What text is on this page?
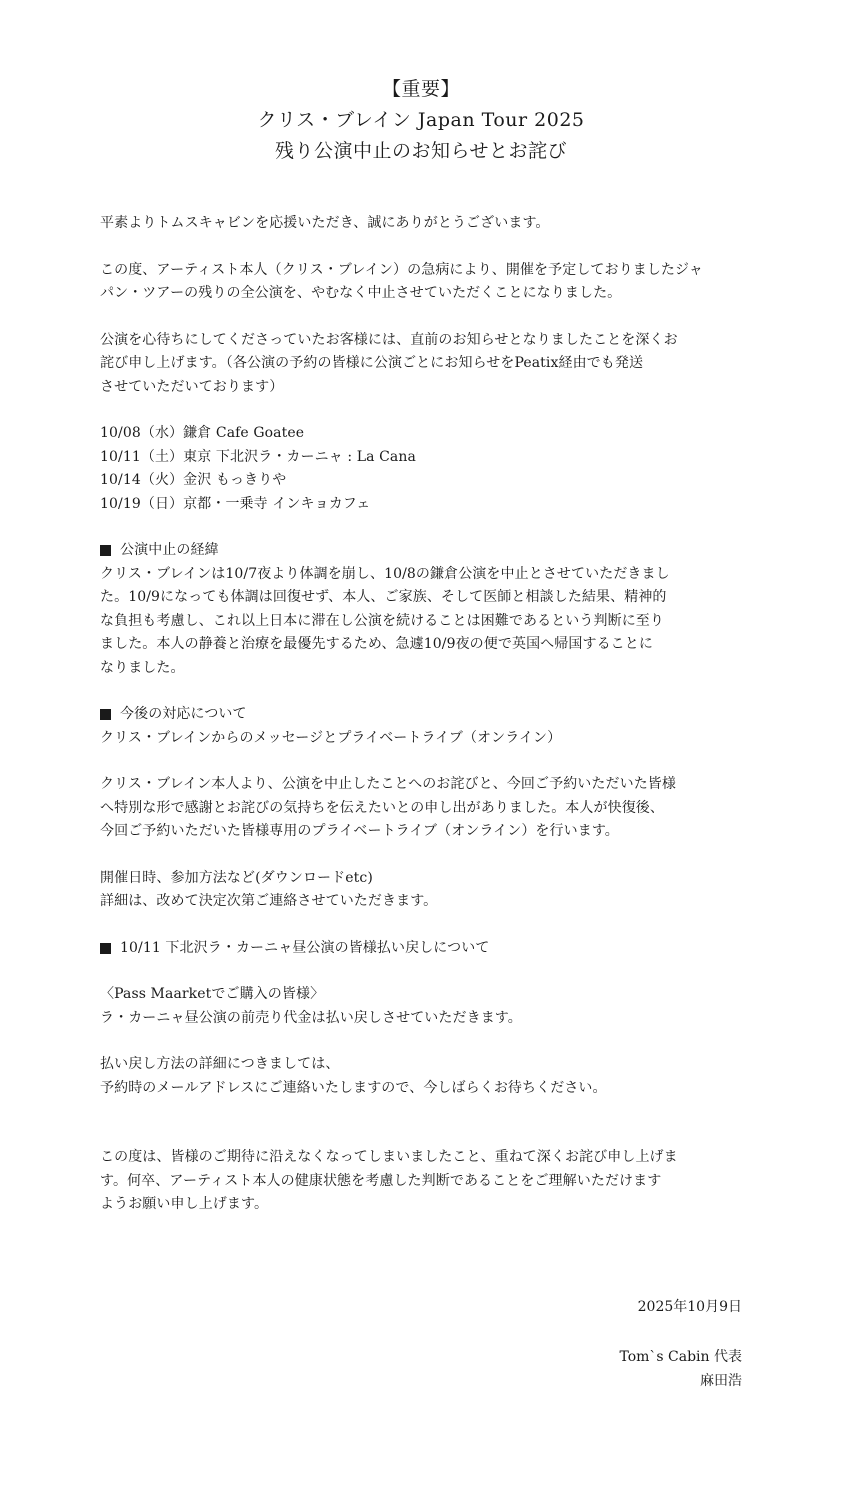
【重要】
クリス・ブレイン Japan Tour 2025
残り公演中止のお知らせとお詫び
平素よりトムスキャビンを応援いただき、誠にありがとうございます。
この度、アーティスト本人（クリス・ブレイン）の急病により、開催を予定しておりましたジャ
パン・ツアーの残りの全公演を、やむなく中止させていただくことになりました。
公演を心待ちにしてくださっていたお客様には、直前のお知らせとなりましたことを深くお
詫び申し上げます。（各公演の予約の皆様に公演ごとにお知らせをPeatix経由でも発送
させていただいております）
10/08（水）鎌倉 Cafe Goatee
10/11（土）東京 下北沢ラ・カーニャ : La Cana
10/14（火）金沢 もっきりや
10/19（日）京都・一乗寺 インキョカフェ
公演中止の経緯
クリス・ブレインは10/7夜より体調を崩し、10/8の鎌倉公演を中止とさせていただきまし
た。10/9になっても体調は回復せず、本人、ご家族、そして医師と相談した結果、精神的
な負担も考慮し、これ以上日本に滞在し公演を続けることは困難であるという判断に至り
ました。本人の静養と治療を最優先するため、急遽10/9夜の便で英国へ帰国することに
なりました。
今後の対応について
クリス・ブレインからのメッセージとプライベートライブ（オンライン）
クリス・ブレイン本人より、公演を中止したことへのお詫びと、今回ご予約いただいた皆様
へ特別な形で感謝とお詫びの気持ちを伝えたいとの申し出がありました。本人が快復後、
今回ご予約いただいた皆様専用のプライベートライブ（オンライン）を行います。
開催日時、参加方法など(ダウンロードetc)
詳細は、改めて決定次第ご連絡させていただきます。
10/11 下北沢ラ・カーニャ昼公演の皆様払い戻しについて
〈Pass Maarketでご購入の皆様〉
ラ・カーニャ昼公演の前売り代金は払い戻しさせていただきます。
払い戻し方法の詳細につきましては、
予約時のメールアドレスにご連絡いたしますので、今しばらくお待ちください。
この度は、皆様のご期待に沿えなくなってしまいましたこと、重ねて深くお詫び申し上げま
す。何卒、アーティスト本人の健康状態を考慮した判断であることをご理解いただけます
ようお願い申し上げます。
2025年10月9日
Tom`s Cabin 代表
麻田浩
